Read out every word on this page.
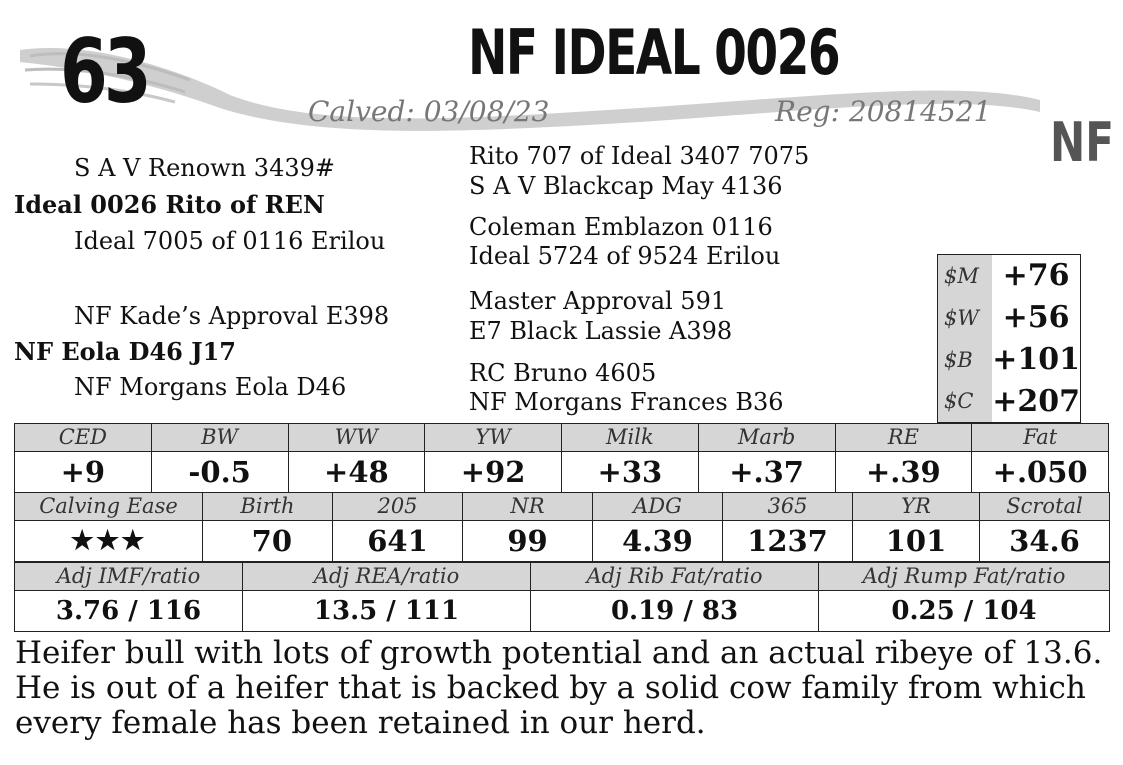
63	NF IDEAL 0026
Calved: 03/08/23	Reg: 20814521 NF
S A V Renown 3439#
Ideal 0026 Rito of REN
Ideal 7005 of 0116 Erilou
NF Kade’s Approval E398
NF Eola D46 J17
NF Morgans Eola D46
Rito 707 of Ideal 3407 7075
S A V Blackcap May 4136
Coleman Emblazon 0116
Ideal 5724 of 9524 Erilou
Master Approval 591
E7 Black Lassie A398
RC Bruno 4605
NF Morgans Frances B36
$M	+76
$W	+56
$B	+101
$C	+207
CED	BW	WW	YW	Milk	Marb	RE	Fat
+9	-0.5	+48	+92	+33	+.37	+.39	+.050
Calving Ease	Birth	205	NR	ADG	365	YR	Scrotal
★★★	70	641	99	4.39	1237	101	34.6
Adj IMF/ratio	Adj REA/ratio	Adj Rib Fat/ratio	Adj Rump Fat/ratio
3.76 / 116	13.5 / 111	0.19 / 83	0.25 / 104
Heifer bull with lots of growth potential and an actual ribeye of 13.6. He is out of a heifer that is backed by a solid cow family from which every female has been retained in our herd.
